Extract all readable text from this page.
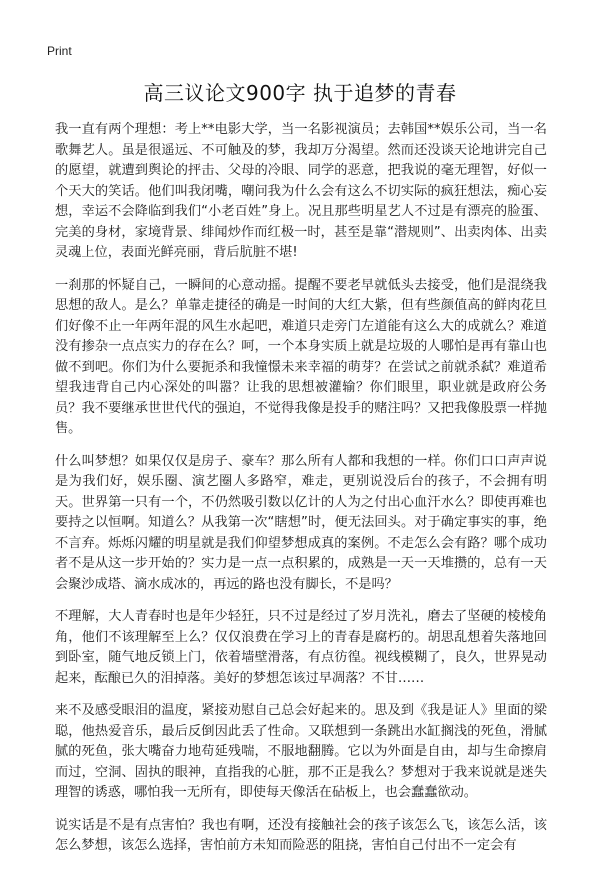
Print
高三议论文900字 执于追梦的青春

我一直有两个理想：考上**电影大学，当一名影视演员；去韩国**娱乐公司，当一名歌舞艺人。虽是很遥远、不可触及的梦，我却万分渴望。然而还没谈天论地讲完自己的愿望，就遭到舆论的抨击、父母的冷眼、同学的恶意，把我说的毫无理智，好似一个天大的笑话。他们叫我闭嘴，嘲问我为什么会有这么不切实际的疯狂想法，痴心妄想，幸运不会降临到我们“小老百姓”身上。况且那些明星艺人不过是有漂亮的脸蛋、完美的身材，家境背景、绯闻炒作而红极一时，甚至是靠“潜规则”、出卖肉体、出卖灵魂上位，表面光鲜亮丽，背后肮脏不堪!

一刹那的怀疑自己，一瞬间的心意动摇。提醒不要老早就低头去接受，他们是混绕我思想的敌人。是么？单靠走捷径的确是一时间的大红大紫，但有些颜值高的鲜肉花旦们好像不止一年两年混的风生水起吧，难道只走旁门左道能有这么大的成就么？难道没有掺杂一点点实力的存在么？呵，一个本身实质上就是垃圾的人哪怕是再有靠山也做不到吧。你们为什么要扼杀和我憧憬未来幸福的萌芽？在尝试之前就杀弑？难道希望我违背自己内心深处的叫嚣？让我的思想被灌输？你们眼里，职业就是政府公务员？我不要继承世世代代的强迫，不觉得我像是投手的赌注吗？又把我像股票一样抛售。

什么叫梦想？如果仅仅是房子、豪车？那么所有人都和我想的一样。你们口口声声说是为我们好，娱乐圈、演艺圈人多路窄，难走，更别说没后台的孩子，不会拥有明天。世界第一只有一个，不仍然吸引数以亿计的人为之付出心血汗水么？即使再难也要持之以恒啊。知道么？从我第一次“瞎想”时，便无法回头。对于确定事实的事，绝不言弃。烁烁闪耀的明星就是我们仰望梦想成真的案例。不走怎么会有路？哪个成功者不是从这一步开始的？实力是一点一点积累的，成熟是一天一天堆攒的，总有一天会聚沙成塔、滴水成冰的，再远的路也没有脚长，不是吗？

不理解，大人青春时也是年少轻狂，只不过是经过了岁月洗礼，磨去了坚硬的棱棱角角，他们不该理解至上么？仅仅浪费在学习上的青春是腐朽的。胡思乱想着失落地回到卧室，随气地反锁上门，依着墙壁滑落，有点彷徨。视线模糊了，良久，世界晃动起来，酝酿已久的泪掉落。美好的梦想怎该过早凋落？不甘……

来不及感受眼泪的温度，紧接劝慰自己总会好起来的。思及到《我是证人》里面的梁聪，他热爱音乐，最后反倒因此丢了性命。又联想到一条跳出水缸搁浅的死鱼，滑腻腻的死鱼，张大嘴奋力地苟延残喘，不服地翻腾。它以为外面是自由，却与生命擦肩而过，空洞、固执的眼神，直指我的心脏，那不正是我么？梦想对于我来说就是迷失理智的诱惑，哪怕我一无所有，即使每天像活在砧板上，也会蠢蠢欲动。

说实话是不是有点害怕？我也有啊，还没有接触社会的孩子该怎么飞，该怎么活，该怎么梦想，该怎么选择，害怕前方未知而险恶的阻挠，害怕自己付出不一定会有
